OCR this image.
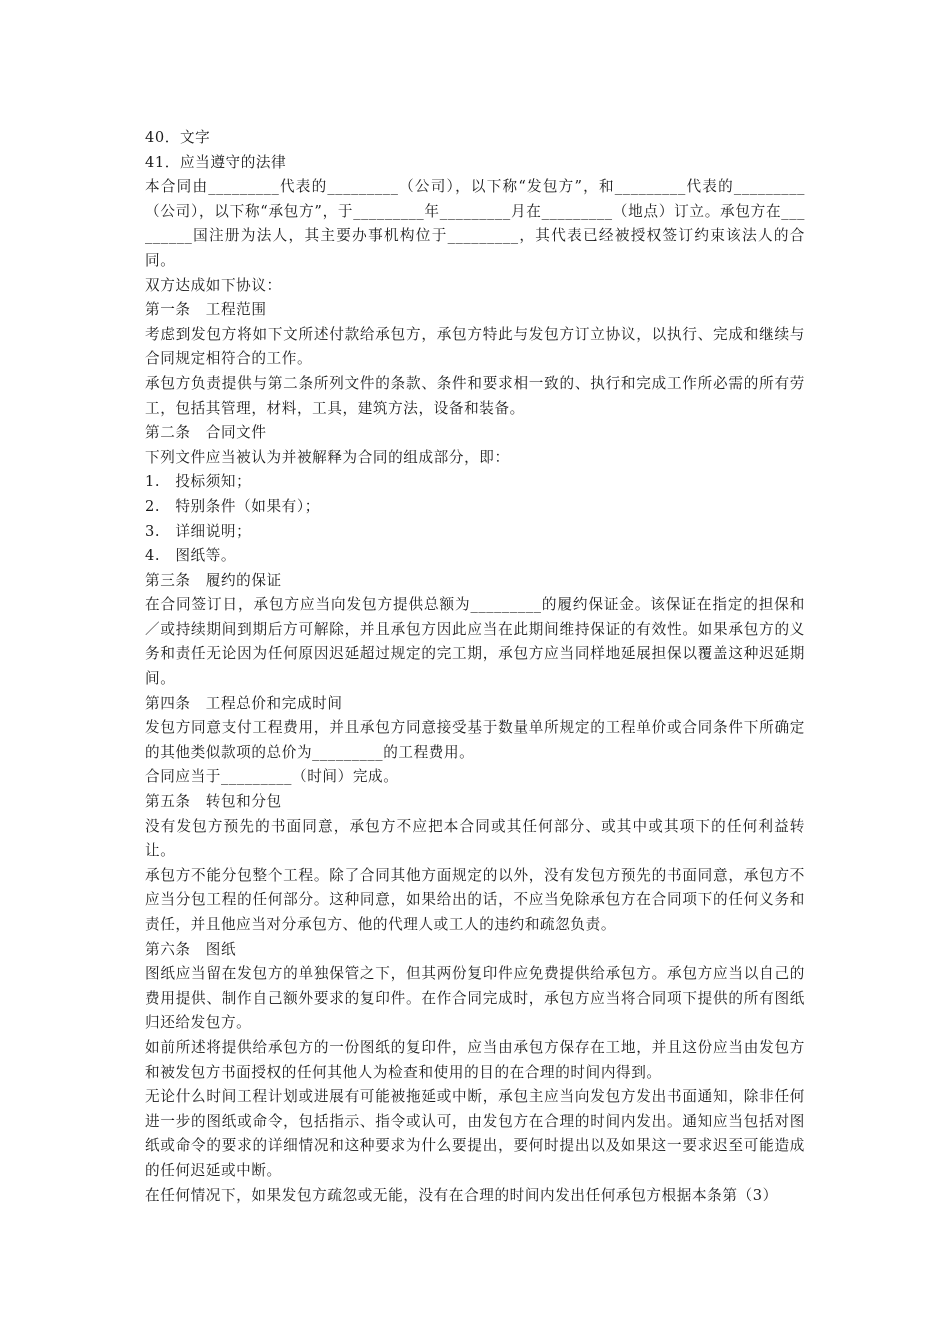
40．文字

41．应当遵守的法律

本合同由_________代表的_________（公司），以下称“发包方”，和_________代表的_________（公司），以下称“承包方”，于_________年_________月在_________（地点）订立。承包方在_________国注册为法人，其主要办事机构位于_________，其代表已经被授权签订约束该法人的合同。

双方达成如下协议：

第一条　工程范围

考虑到发包方将如下文所述付款给承包方，承包方特此与发包方订立协议，以执行、完成和继续与合同规定相符合的工作。

承包方负责提供与第二条所列文件的条款、条件和要求相一致的、执行和完成工作所必需的所有劳工，包括其管理，材料，工具，建筑方法，设备和装备。

第二条　合同文件

下列文件应当被认为并被解释为合同的组成部分，即：

1.　投标须知；

2.　特别条件（如果有）；

3.　详细说明；

4.　图纸等。

第三条　履约的保证

在合同签订日，承包方应当向发包方提供总额为_________的履约保证金。该保证在指定的担保和／或持续期间到期后方可解除，并且承包方因此应当在此期间维持保证的有效性。如果承包方的义务和责任无论因为任何原因迟延超过规定的完工期，承包方应当同样地延展担保以覆盖这种迟延期间。

第四条　工程总价和完成时间

发包方同意支付工程费用，并且承包方同意接受基于数量单所规定的工程单价或合同条件下所确定的其他类似款项的总价为_________的工程费用。

合同应当于_________（时间）完成。

第五条　转包和分包

没有发包方预先的书面同意，承包方不应把本合同或其任何部分、或其中或其项下的任何利益转让。

承包方不能分包整个工程。除了合同其他方面规定的以外，没有发包方预先的书面同意，承包方不应当分包工程的任何部分。这种同意，如果给出的话，不应当免除承包方在合同项下的任何义务和责任，并且他应当对分承包方、他的代理人或工人的违约和疏忽负责。

第六条　图纸

图纸应当留在发包方的单独保管之下，但其两份复印件应免费提供给承包方。承包方应当以自己的费用提供、制作自己额外要求的复印件。在作合同完成时，承包方应当将合同项下提供的所有图纸归还给发包方。

如前所述将提供给承包方的一份图纸的复印件，应当由承包方保存在工地，并且这份应当由发包方和被发包方书面授权的任何其他人为检查和使用的目的在合理的时间内得到。

无论什么时间工程计划或进展有可能被拖延或中断，承包主应当向发包方发出书面通知，除非任何进一步的图纸或命令，包括指示、指令或认可，由发包方在合理的时间内发出。通知应当包括对图纸或命令的要求的详细情况和这种要求为什么要提出，要何时提出以及如果这一要求迟至可能造成的任何迟延或中断。

在任何情况下，如果发包方疏忽或无能，没有在合理的时间内发出任何承包方根据本条第（3）
